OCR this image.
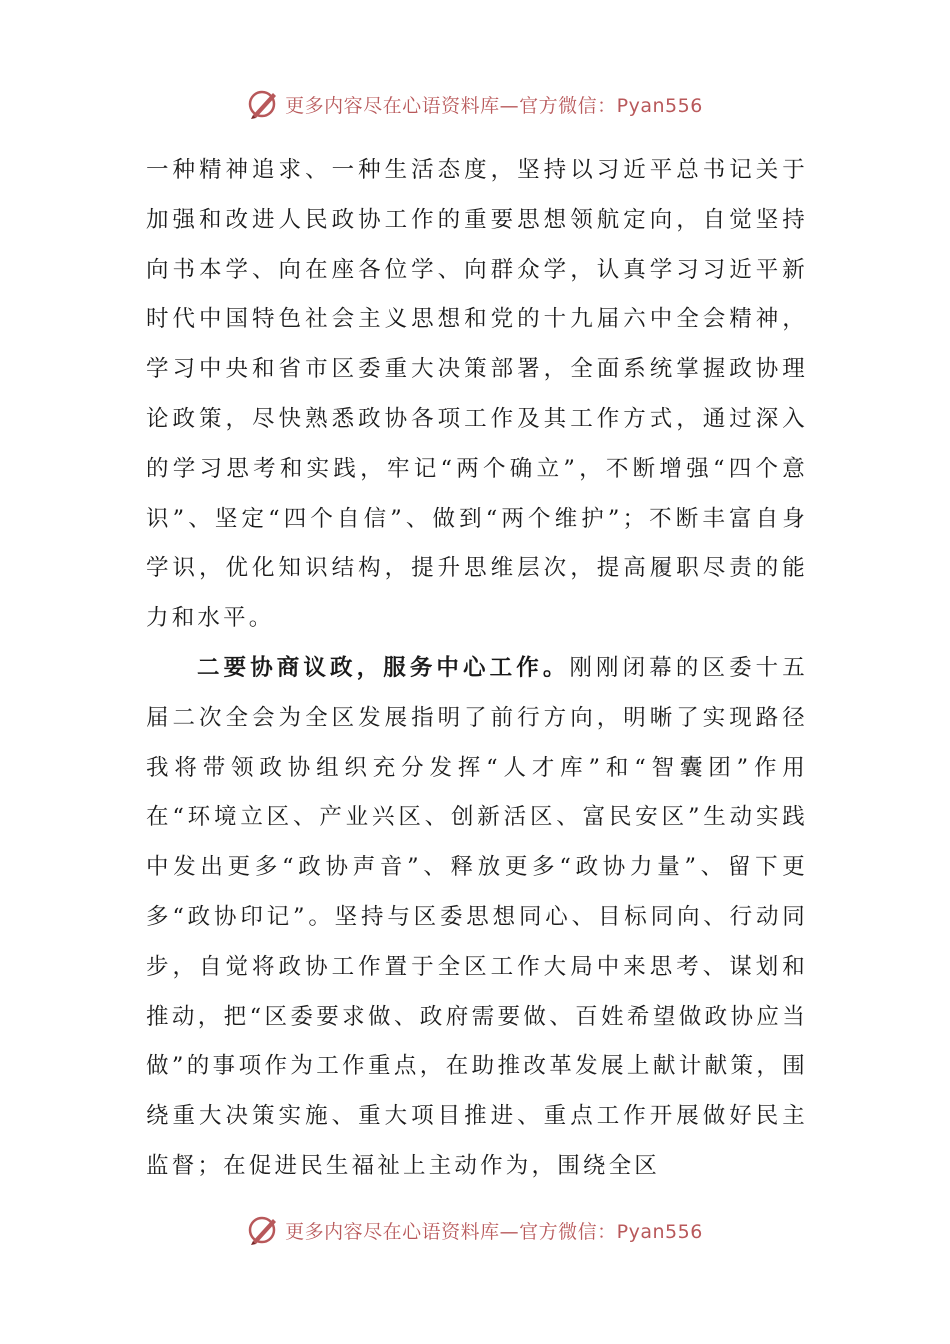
更多内容尽在心语资料库—官方微信：Pyan556

一种精神追求、一种生活态度，坚持以习近平总书记关于加强和改进人民政协工作的重要思想领航定向，自觉坚持向书本学、向在座各位学、向群众学，认真学习习近平新时代中国特色社会主义思想和党的十九届六中全会精神，学习中央和省市区委重大决策部署，全面系统掌握政协理论政策，尽快熟悉政协各项工作及其工作方式，通过深入的学习思考和实践，牢记“两个确立”，不断增强“四个意识”、坚定“四个自信”、做到“两个维护”；不断丰富自身学识，优化知识结构，提升思维层次，提高履职尽责的能力和水平。

二要协商议政，服务中心工作。刚刚闭幕的区委十五届二次全会为全区发展指明了前行方向，明晰了实现路径我将带领政协组织充分发挥“人才库”和“智囊团”作用在“环境立区、产业兴区、创新活区、富民安区”生动实践中发出更多“政协声音”、释放更多“政协力量”、留下更多“政协印记”。坚持与区委思想同心、目标同向、行动同步，自觉将政协工作置于全区工作大局中来思考、谋划和推动，把“区委要求做、政府需要做、百姓希望做政协应当做”的事项作为工作重点，在助推改革发展上献计献策，围绕重大决策实施、重大项目推进、重点工作开展做好民主监督；在促进民生福祉上主动作为，围绕全区

更多内容尽在心语资料库—官方微信：Pyan556
